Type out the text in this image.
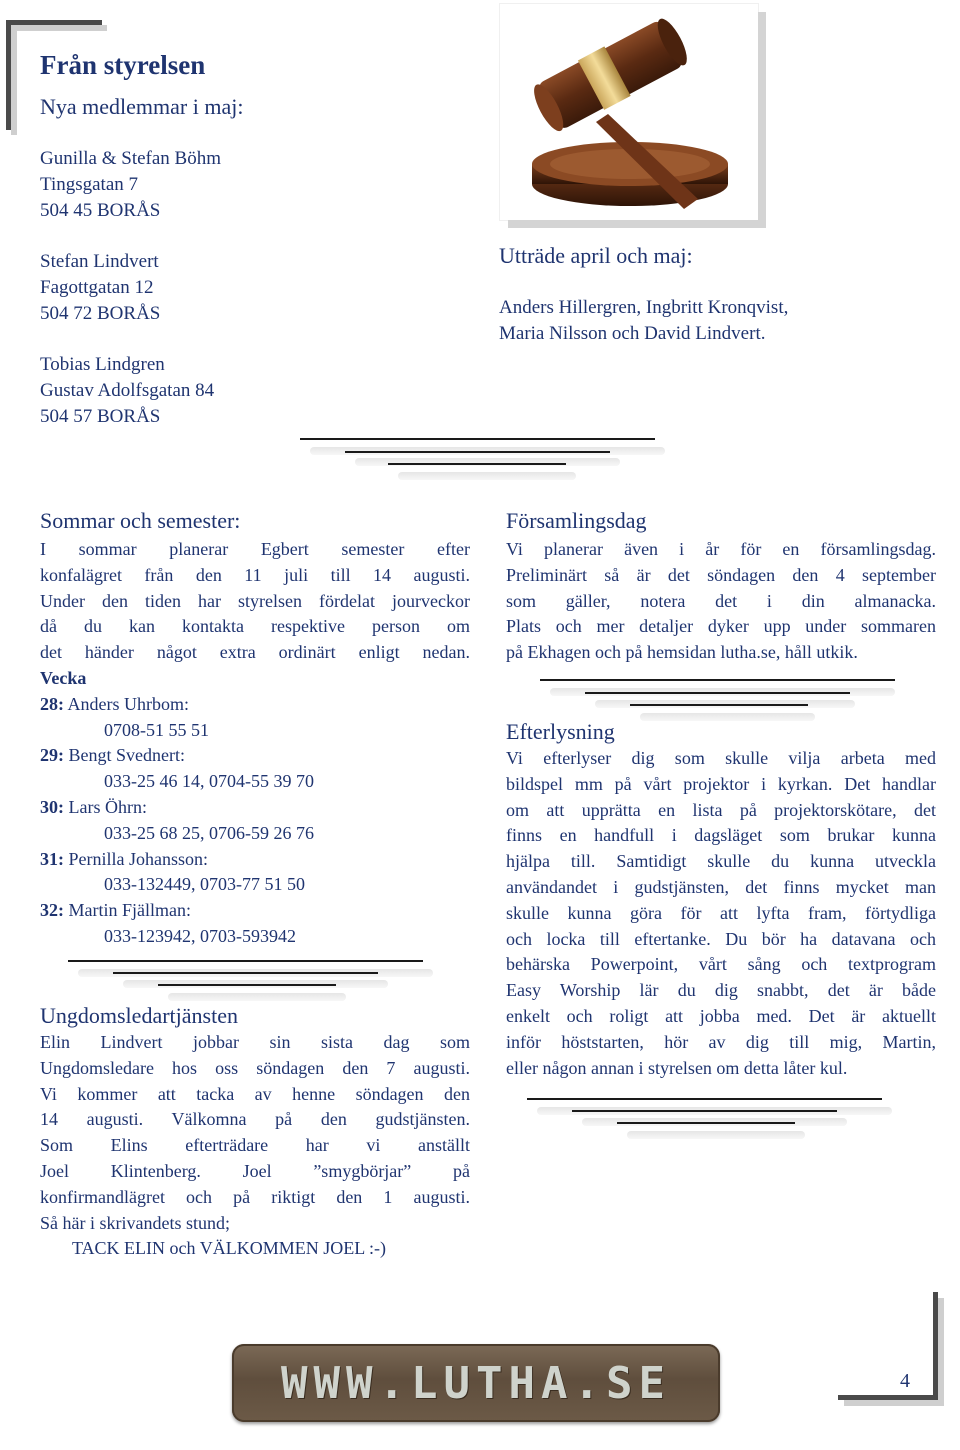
Från styrelsen
Nya medlemmar i maj:
Gunilla & Stefan Böhm
Tingsgatan 7
504 45 BORÅS
Stefan Lindvert
Fagottgatan 12
504 72 BORÅS
Tobias Lindgren
Gustav Adolfsgatan 84
504 57 BORÅS
Utträde april och maj:
Anders Hillergren, Ingbritt Kronqvist,
Maria Nilsson och David Lindvert.
Sommar och semester:
I sommar planerar Egbert semester efter
konfalägret från den 11 juli till 14 augusti.
Under den tiden har styrelsen fördelat jourveckor
då du kan kontakta respektive person om
det händer något extra ordinärt enligt nedan.
Vecka
28: Anders Uhrbom:
0708-51 55 51
29: Bengt Svednert:
033-25 46 14, 0704-55 39 70
30: Lars Öhrn:
033-25 68 25, 0706-59 26 76
31: Pernilla Johansson:
033-132449, 0703-77 51 50
32: Martin Fjällman:
033-123942, 0703-593942
Ungdomsledartjänsten
Elin Lindvert jobbar sin sista dag som
Ungdomsledare hos oss söndagen den 7 augusti.
Vi kommer att tacka av henne söndagen den
14 augusti. Välkomna på den gudstjänsten.
Som Elins efterträdare har vi anställt
Joel Klintenberg. Joel ”smygbörjar” på
konfirmandlägret och på riktigt den 1 augusti.
Så här i skrivandets stund;
TACK ELIN och VÄLKOMMEN JOEL :-)
Församlingsdag
Vi planerar även i år för en församlingsdag.
Preliminärt så är det söndagen den 4 september
som gäller, notera det i din almanacka.
Plats och mer detaljer dyker upp under sommaren
på Ekhagen och på hemsidan lutha.se, håll utkik.
Efterlysning
Vi efterlyser dig som skulle vilja arbeta med
bildspel mm på vårt projektor i kyrkan. Det handlar
om att upprätta en lista på projektorskötare, det
finns en handfull i dagsläget som brukar kunna
hjälpa till. Samtidigt skulle du kunna utveckla
användandet i gudstjänsten, det finns mycket man
skulle kunna göra för att lyfta fram, förtydliga
och locka till eftertanke. Du bör ha datavana och
behärska Powerpoint, vårt sång och textprogram
Easy Worship lär du dig snabbt, det är både
enkelt och roligt att jobba med. Det är aktuellt
inför höststarten, hör av dig till mig, Martin,
eller någon annan i styrelsen om detta låter kul.
WWW.LUTHA.SE	4
